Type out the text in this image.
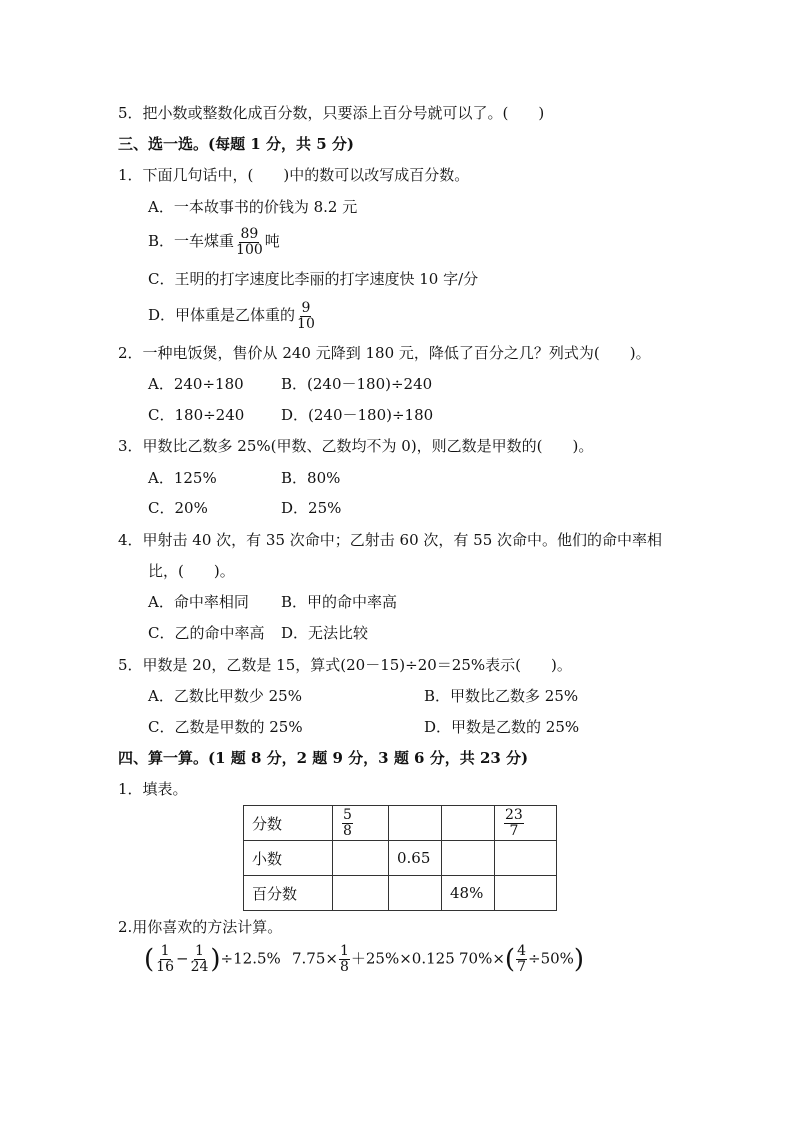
5．把小数或整数化成百分数，只要添上百分号就可以了。(　　)
三、选一选。(每题 1 分，共 5 分)
1．下面几句话中，(　　)中的数可以改写成百分数。
A．一本故事书的价钱为 8.2 元
B．一车煤重 $\frac{89}{100}$ 吨
C．王明的打字速度比李丽的打字速度快 10 字/分
D．甲体重是乙体重的 $\frac{9}{10}$
2．一种电饭煲，售价从 240 元降到 180 元，降低了百分之几？列式为(　　)。
A．240÷180 B．(240－180)÷240
C．180÷240 D．(240－180)÷180
3．甲数比乙数多 25%(甲数、乙数均不为 0)，则乙数是甲数的(　　)。
A．125%	B．80%
C．20%	D．25%
4．甲射击 40 次，有 35 次命中；乙射击 60 次，有 55 次命中。他们的命中率相
比，(　　)。
A．命中率相同 B．甲的命中率高
C．乙的命中率高 D．无法比较
5．甲数是 20，乙数是 15，算式(20－15)÷20＝25%表示(　　)。
A．乙数比甲数少 25%	B．甲数比乙数多 25%
C．乙数是甲数的 25%	D．甲数是乙数的 25%
四、算一算。(1 题 8 分，2 题 9 分，3 题 6 分，共 23 分)
1．填表。
分数	$\frac{5}{8}$			$\frac{23}{7}$

小数		0.65		
百分数			48%	
2.用你喜欢的方法计算。
( $\frac{1}{16} - \frac{1}{24} )\div 12.5\%$ $7.75\times \frac{1}{8} +25\%\times 0.125$ $70\%\times( \frac{4}{7} \div 50\%)$
